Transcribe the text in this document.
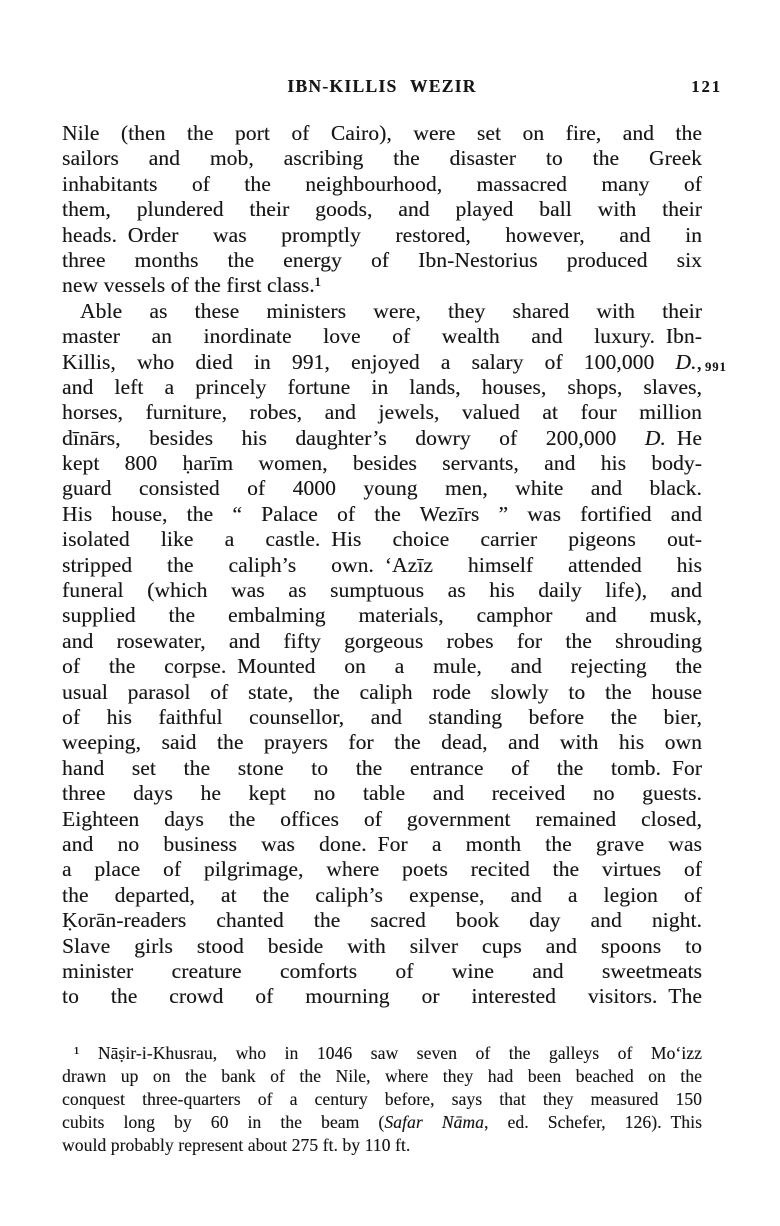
IBN-KILLIS WEZIR	121
Nile (then the port of Cairo), were set on fire, and the
sailors and mob, ascribing the disaster to the Greek
inhabitants of the neighbourhood, massacred many of
them, plundered their goods, and played ball with their
heads. Order was promptly restored, however, and in
three months the energy of Ibn-Nestorius produced six
new vessels of the first class.¹
Able as these ministers were, they shared with their
master an inordinate love of wealth and luxury. Ibn-
Killis, who died in 991, enjoyed a salary of 100,000 D.,
and left a princely fortune in lands, houses, shops, slaves,
horses, furniture, robes, and jewels, valued at four million
dīnārs, besides his daughter’s dowry of 200,000 D. He
kept 800 ḥarīm women, besides servants, and his body-
guard consisted of 4000 young men, white and black.
His house, the “ Palace of the Wezīrs ” was fortified and
isolated like a castle. His choice carrier pigeons out-
stripped the caliph’s own. ‘Azīz himself attended his
funeral (which was as sumptuous as his daily life), and
supplied the embalming materials, camphor and musk,
and rosewater, and fifty gorgeous robes for the shrouding
of the corpse. Mounted on a mule, and rejecting the
usual parasol of state, the caliph rode slowly to the house
of his faithful counsellor, and standing before the bier,
weeping, said the prayers for the dead, and with his own
hand set the stone to the entrance of the tomb. For
three days he kept no table and received no guests.
Eighteen days the offices of government remained closed,
and no business was done. For a month the grave was
a place of pilgrimage, where poets recited the virtues of
the departed, at the caliph’s expense, and a legion of
Ḳorān-readers chanted the sacred book day and night.
Slave girls stood beside with silver cups and spoons to
minister creature comforts of wine and sweetmeats
to the crowd of mourning or interested visitors. The
991
¹ Nāṣir-i-Khusrau, who in 1046 saw seven of the galleys of Mo‘izz
drawn up on the bank of the Nile, where they had been beached on the
conquest three-quarters of a century before, says that they measured 150
cubits long by 60 in the beam (Safar Nāma, ed. Schefer, 126). This
would probably represent about 275 ft. by 110 ft.
